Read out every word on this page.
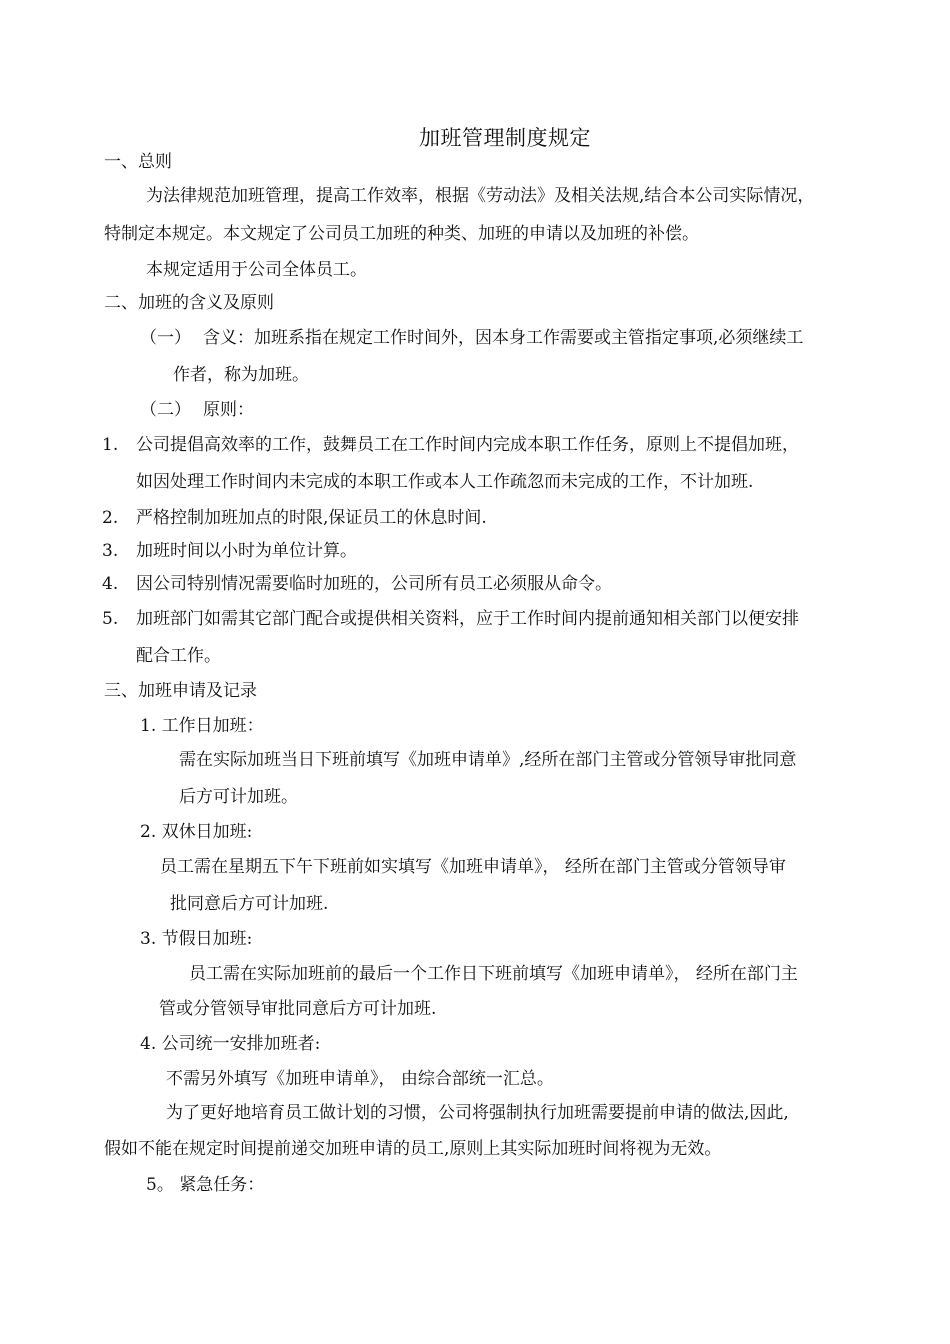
加班管理制度规定
一、总则
为法律规范加班管理，提高工作效率，根据《劳动法》及相关法规,结合本公司实际情况，
特制定本规定。本文规定了公司员工加班的种类、加班的申请以及加班的补偿。
本规定适用于公司全体员工。
二、加班的含义及原则
（一） 含义：加班系指在规定工作时间外，因本身工作需要或主管指定事项,必须继续工
作者，称为加班。
（二） 原则：
1. 公司提倡高效率的工作，鼓舞员工在工作时间内完成本职工作任务，原则上不提倡加班，
如因处理工作时间内未完成的本职工作或本人工作疏忽而未完成的工作，不计加班.
2. 严格控制加班加点的时限,保证员工的休息时间.
3. 加班时间以小时为单位计算。
4. 因公司特别情况需要临时加班的，公司所有员工必须服从命令。
5. 加班部门如需其它部门配合或提供相关资料，应于工作时间内提前通知相关部门以便安排
配合工作。
三、加班申请及记录
1. 工作日加班：
需在实际加班当日下班前填写《加班申请单》,经所在部门主管或分管领导审批同意
后方可计加班。
2. 双休日加班:
员工需在星期五下午下班前如实填写《加班申请单》， 经所在部门主管或分管领导审
批同意后方可计加班.
3. 节假日加班:
员工需在实际加班前的最后一个工作日下班前填写《加班申请单》， 经所在部门主
管或分管领导审批同意后方可计加班.
4. 公司统一安排加班者:
不需另外填写《加班申请单》， 由综合部统一汇总。
为了更好地培育员工做计划的习惯，公司将强制执行加班需要提前申请的做法,因此,
假如不能在规定时间提前递交加班申请的员工,原则上其实际加班时间将视为无效。
5。 紧急任务：
